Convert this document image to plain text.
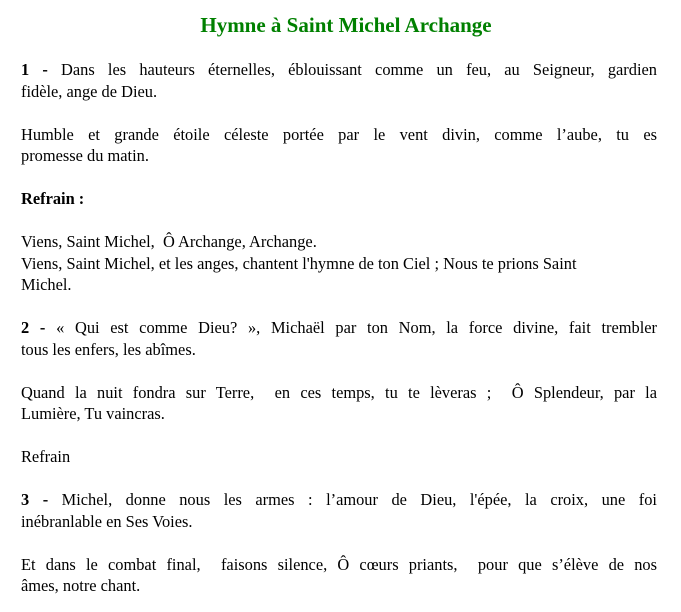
Hymne à Saint Michel Archange
1 - Dans les hauteurs éternelles, éblouissant comme un feu, au Seigneur, gardien
fidèle, ange de Dieu.
Humble et grande étoile céleste portée par le vent divin, comme l’aube, tu es
promesse du matin.
Refrain :
Viens, Saint Michel,  Ô Archange, Archange.
Viens, Saint Michel, et les anges, chantent l'hymne de ton Ciel ; Nous te prions Saint
Michel.
2 - « Qui est comme Dieu? », Michaël par ton Nom, la force divine, fait trembler
tous les enfers, les abîmes.
Quand la nuit fondra sur Terre,  en ces temps, tu te lèveras ;  Ô Splendeur, par la
Lumière, Tu vaincras.
Refrain
3 - Michel, donne nous les armes : l’amour de Dieu, l'épée, la croix, une foi
inébranlable en Ses Voies.
Et dans le combat final,  faisons silence, Ô cœurs priants,  pour que s’élève de nos
âmes, notre chant.
